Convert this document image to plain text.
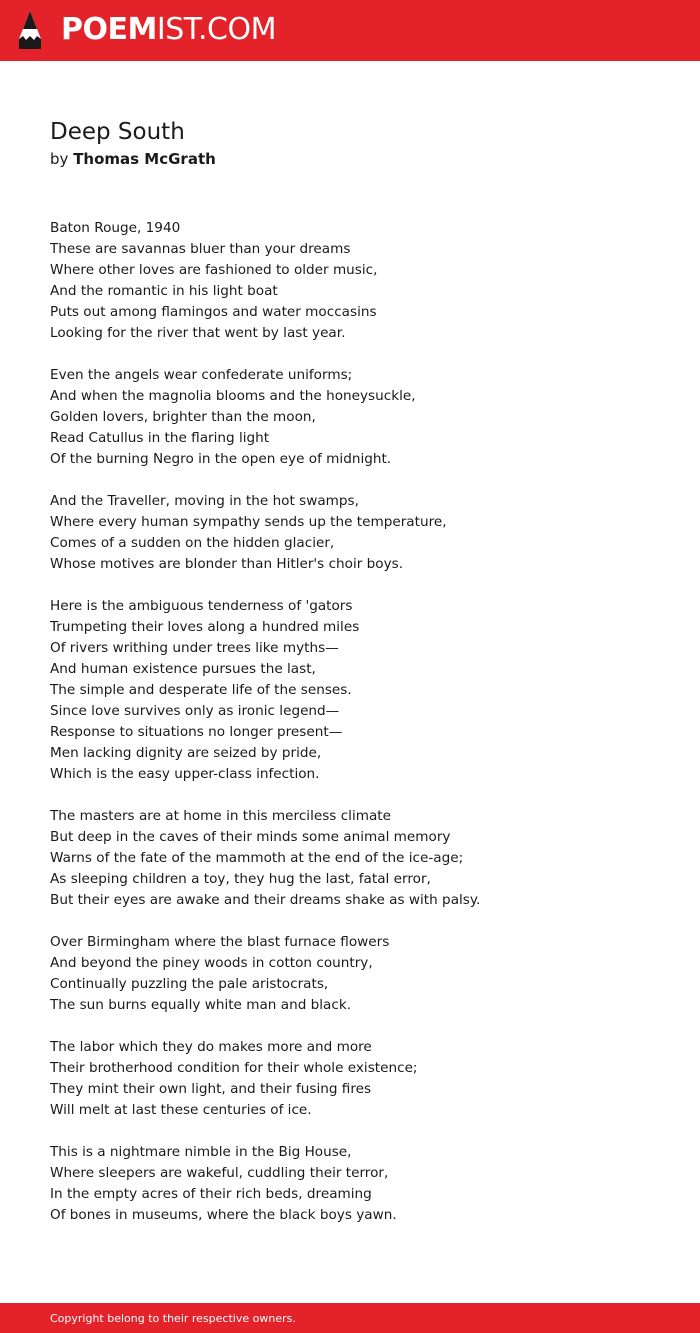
POEMIST.COM
Deep South
by Thomas McGrath
Baton Rouge, 1940
These are savannas bluer than your dreams
Where other loves are fashioned to older music,
And the romantic in his light boat
Puts out among flamingos and water moccasins
Looking for the river that went by last year.
Even the angels wear confederate uniforms;
And when the magnolia blooms and the honeysuckle,
Golden lovers, brighter than the moon,
Read Catullus in the flaring light
Of the burning Negro in the open eye of midnight.
And the Traveller, moving in the hot swamps,
Where every human sympathy sends up the temperature,
Comes of a sudden on the hidden glacier,
Whose motives are blonder than Hitler's choir boys.
Here is the ambiguous tenderness of 'gators
Trumpeting their loves along a hundred miles
Of rivers writhing under trees like myths—
And human existence pursues the last,
The simple and desperate life of the senses.
Since love survives only as ironic legend—
Response to situations no longer present—
Men lacking dignity are seized by pride,
Which is the easy upper-class infection.
The masters are at home in this merciless climate
But deep in the caves of their minds some animal memory
Warns of the fate of the mammoth at the end of the ice-age;
As sleeping children a toy, they hug the last, fatal error,
But their eyes are awake and their dreams shake as with palsy.
Over Birmingham where the blast furnace flowers
And beyond the piney woods in cotton country,
Continually puzzling the pale aristocrats,
The sun burns equally white man and black.
The labor which they do makes more and more
Their brotherhood condition for their whole existence;
They mint their own light, and their fusing fires
Will melt at last these centuries of ice.
This is a nightmare nimble in the Big House,
Where sleepers are wakeful, cuddling their terror,
In the empty acres of their rich beds, dreaming
Of bones in museums, where the black boys yawn.
Copyright belong to their respective owners.
